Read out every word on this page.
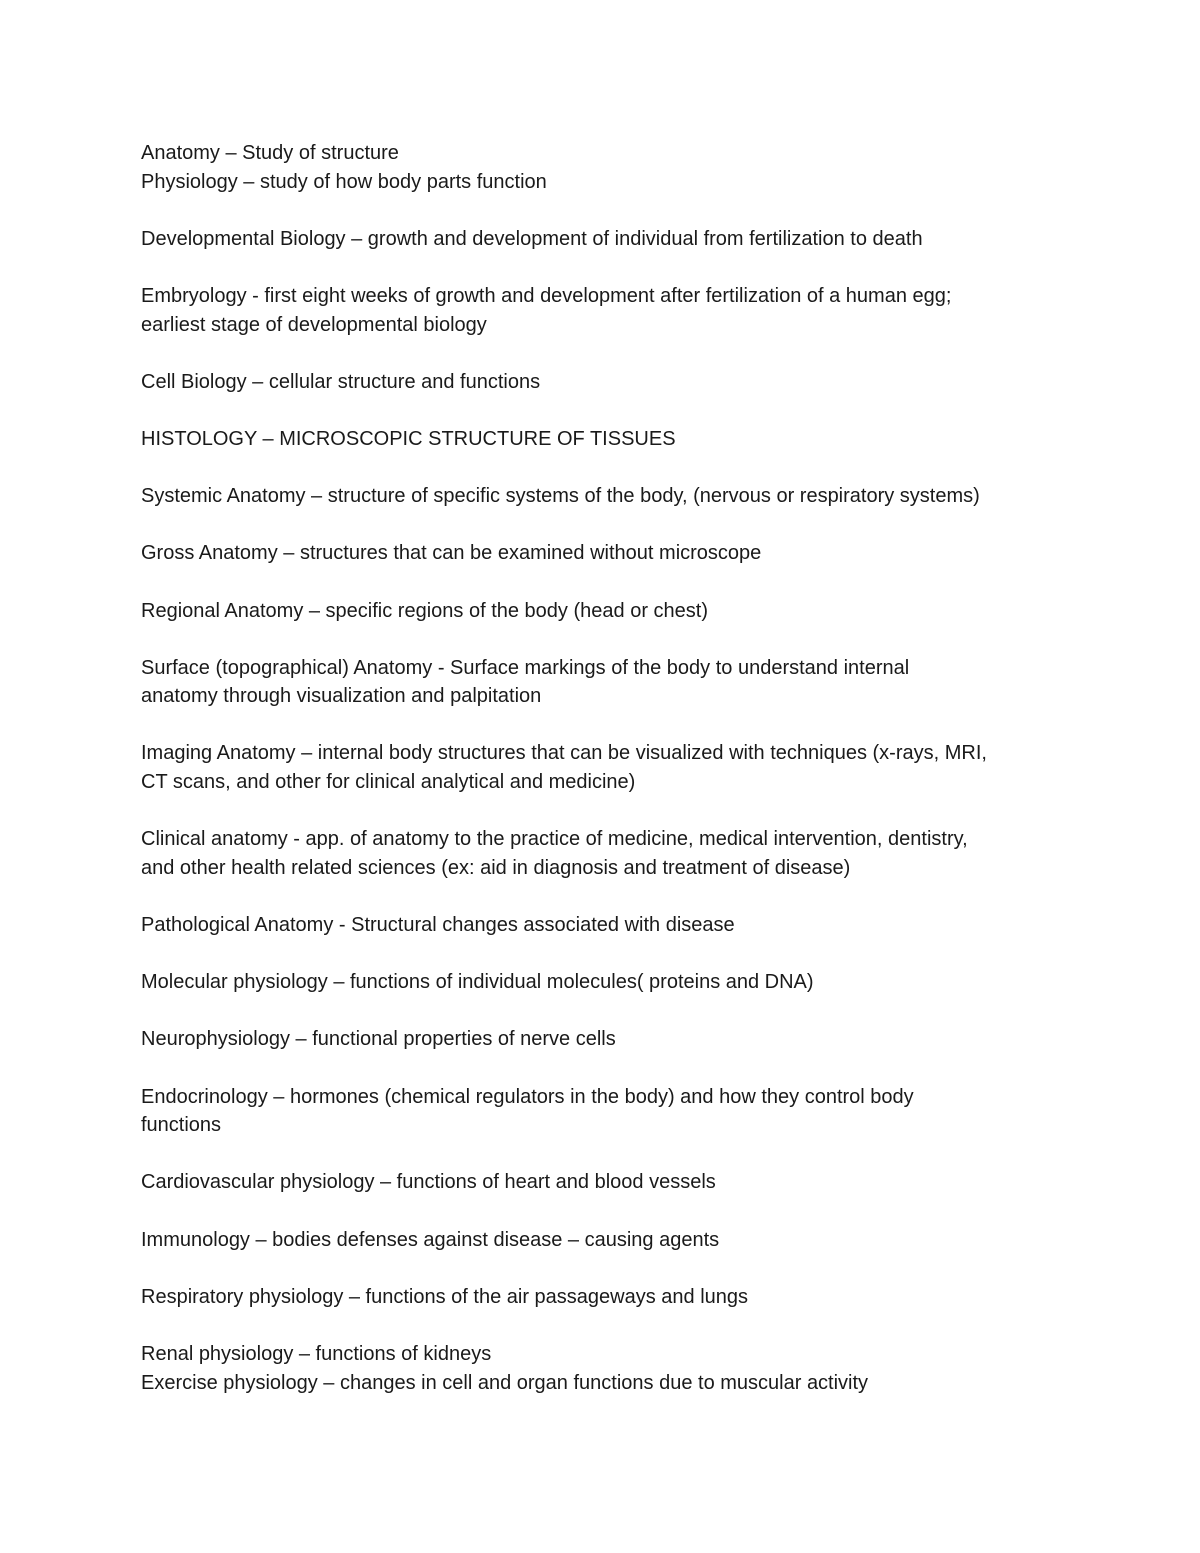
Anatomy – Study of structure
Physiology – study of how body parts function

Developmental Biology – growth and development of individual from fertilization to death

Embryology - first eight weeks of growth and development after fertilization of a human egg;
earliest stage of developmental biology

Cell Biology – cellular structure and functions

HISTOLOGY – MICROSCOPIC STRUCTURE OF TISSUES

Systemic Anatomy – structure of specific systems of the body, (nervous or respiratory systems)

Gross Anatomy – structures that can be examined without microscope

Regional Anatomy – specific regions of the body (head or chest)

Surface (topographical) Anatomy - Surface markings of the body to understand internal
anatomy through visualization and palpitation

Imaging Anatomy – internal body structures that can be visualized with techniques (x-rays, MRI,
CT scans, and other for clinical analytical and medicine)

Clinical anatomy - app. of anatomy to the practice of medicine, medical intervention, dentistry,
and other health related sciences (ex: aid in diagnosis and treatment of disease)

Pathological Anatomy - Structural changes associated with disease

Molecular physiology – functions of individual molecules( proteins and DNA)

Neurophysiology – functional properties of nerve cells

Endocrinology – hormones (chemical regulators in the body) and how they control body
functions

Cardiovascular physiology – functions of heart and blood vessels

Immunology – bodies defenses against disease – causing agents

Respiratory physiology – functions of the air passageways and lungs

Renal physiology – functions of kidneys
Exercise physiology – changes in cell and organ functions due to muscular activity
